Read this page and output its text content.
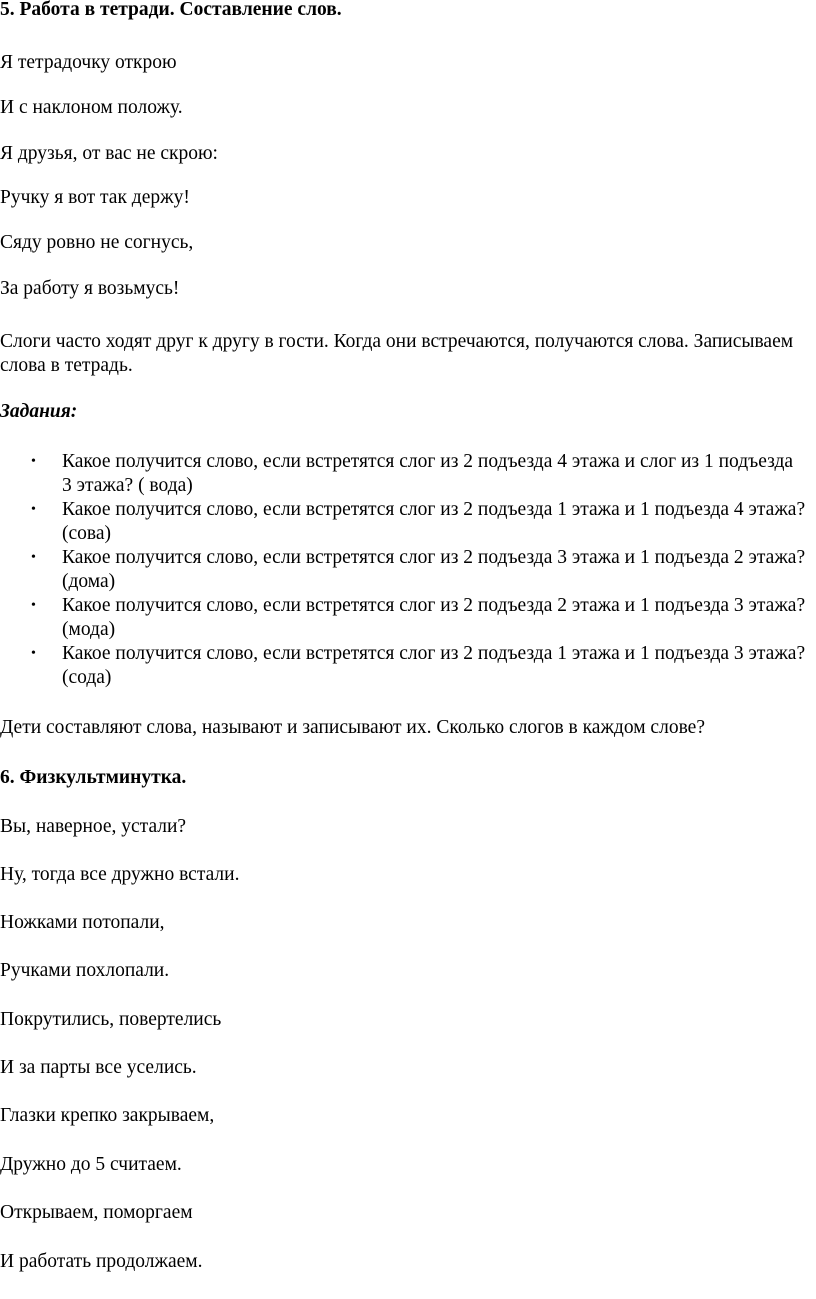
5. Работа в тетради. Составление слов.
Я тетрадочку открою
И с наклоном положу.
Я друзья, от вас не скрою:
Ручку я вот так держу!
Сяду ровно не согнусь,
За работу я возьмусь!
Слоги часто ходят друг к другу в гости. Когда они встречаются, получаются слова. Записываем слова в тетрадь.
Задания:
• Какое получится слово, если встретятся слог из 2 подъезда 4 этажа и слог из 1 подъезда 3 этажа? ( вода)
• Какое получится слово, если встретятся слог из 2 подъезда 1 этажа и 1 подъезда 4 этажа? (сова)
• Какое получится слово, если встретятся слог из 2 подъезда 3 этажа и 1 подъезда 2 этажа? (дома)
• Какое получится слово, если встретятся слог из 2 подъезда 2 этажа и 1 подъезда 3 этажа? (мода)
• Какое получится слово, если встретятся слог из 2 подъезда 1 этажа и 1 подъезда 3 этажа? (сода)
Дети составляют слова, называют и записывают их. Сколько слогов в каждом слове?
6. Физкультминутка.
Вы, наверное, устали?
Ну, тогда все дружно встали.
Ножками потопали,
Ручками похлопали.
Покрутились, повертелись
И за парты все уселись.
Глазки крепко закрываем,
Дружно до 5 считаем.
Открываем, поморгаем
И работать продолжаем.
